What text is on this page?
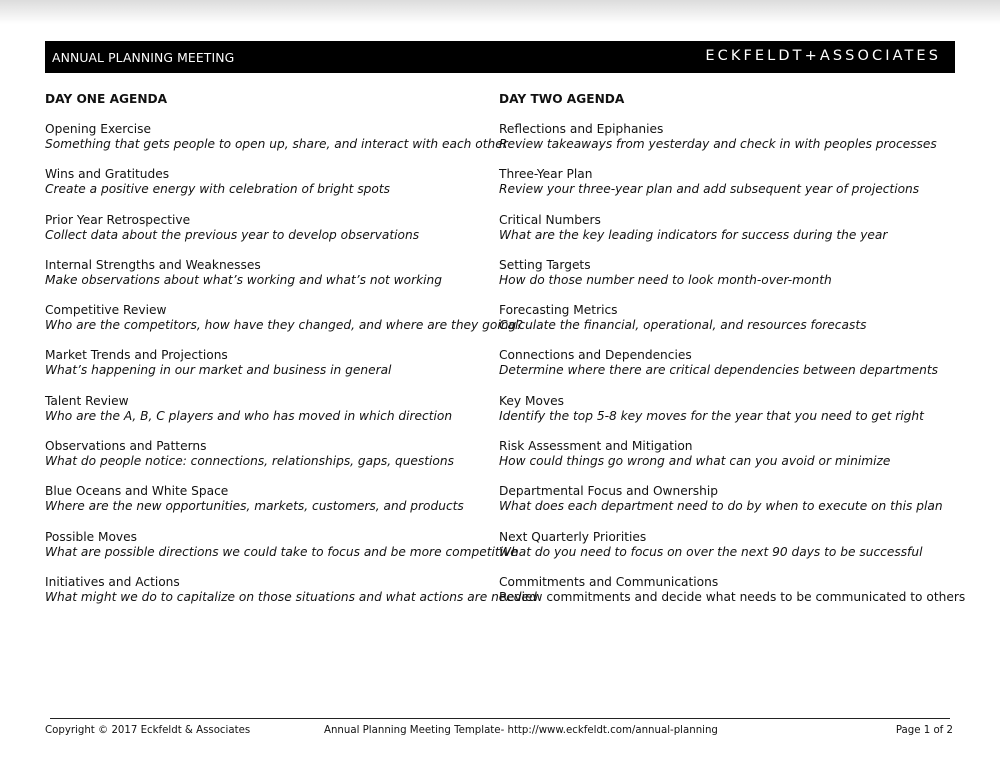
ANNUAL PLANNING MEETING	ECKFELDT+ASSOCIATES
DAY ONE AGENDA
Opening Exercise
Something that gets people to open up, share, and interact with each other
Wins and Gratitudes
Create a positive energy with celebration of bright spots
Prior Year Retrospective
Collect data about the previous year to develop observations
Internal Strengths and Weaknesses
Make observations about what’s working and what’s not working
Competitive Review
Who are the competitors, how have they changed, and where are they going?
Market Trends and Projections
What’s happening in our market and business in general
Talent Review
Who are the A, B, C players and who has moved in which direction
Observations and Patterns
What do people notice: connections, relationships, gaps, questions
Blue Oceans and White Space
Where are the new opportunities, markets, customers, and products
Possible Moves
What are possible directions we could take to focus and be more competitive
Initiatives and Actions
What might we do to capitalize on those situations and what actions are needed
DAY TWO AGENDA
Reflections and Epiphanies
Review takeaways from yesterday and check in with peoples processes
Three-Year Plan
Review your three-year plan and add subsequent year of projections
Critical Numbers
What are the key leading indicators for success during the year
Setting Targets
How do those number need to look month-over-month
Forecasting Metrics
Calculate the financial, operational, and resources forecasts
Connections and Dependencies
Determine where there are critical dependencies between departments
Key Moves
Identify the top 5-8 key moves for the year that you need to get right
Risk Assessment and Mitigation
How could things go wrong and what can you avoid or minimize
Departmental Focus and Ownership
What does each department need to do by when to execute on this plan
Next Quarterly Priorities
What do you need to focus on over the next 90 days to be successful
Commitments and Communications
Review commitments and decide what needs to be communicated to others
Copyright © 2017 Eckfeldt & Associates	Annual Planning Meeting Template- http://www.eckfeldt.com/annual-planning	Page 1 of 2
